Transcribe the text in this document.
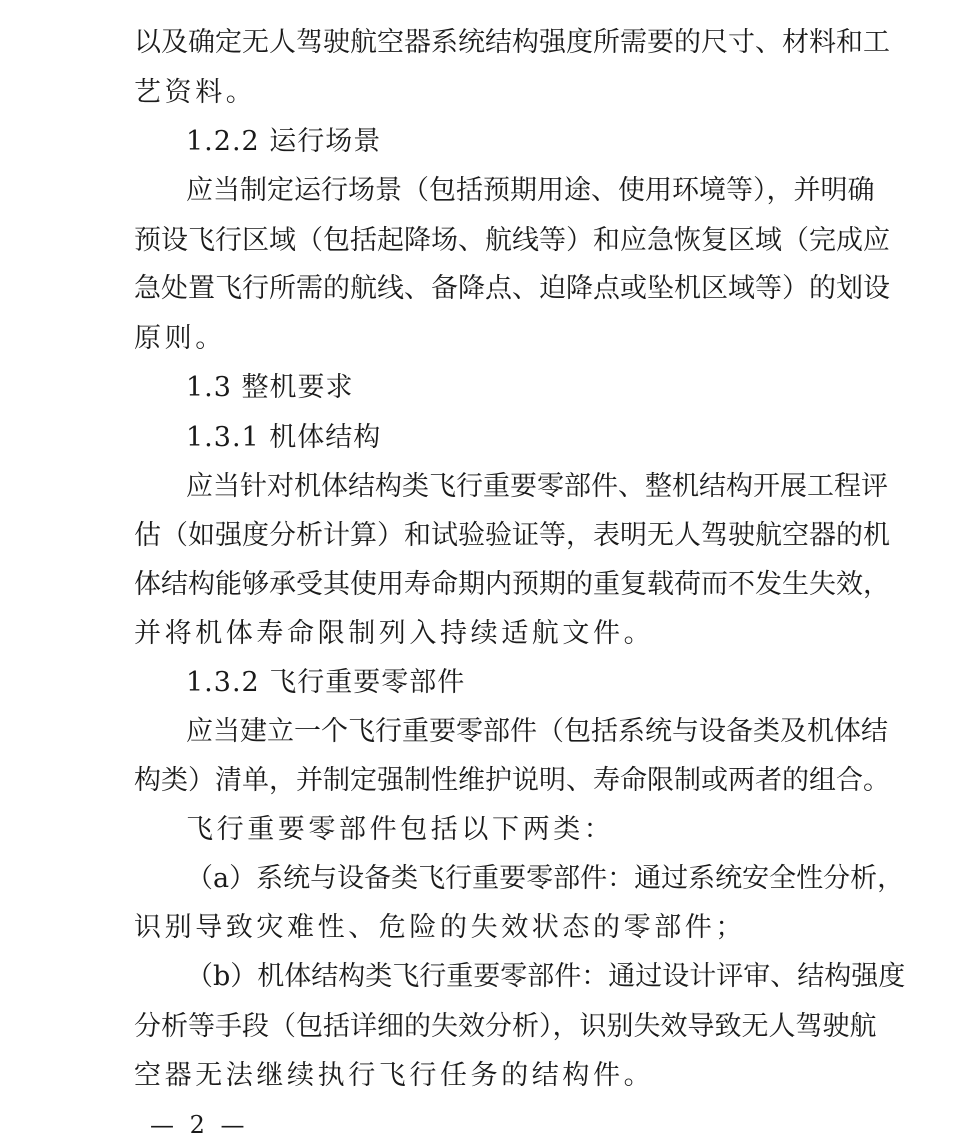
以及确定无人驾驶航空器系统结构强度所需要的尺寸、材料和工
艺资料。
1.2.2 运行场景
应当制定运行场景（包括预期用途、使用环境等），并明确
预设飞行区域（包括起降场、航线等）和应急恢复区域（完成应
急处置飞行所需的航线、备降点、迫降点或坠机区域等）的划设
原则。
1.3 整机要求
1.3.1 机体结构
应当针对机体结构类飞行重要零部件、整机结构开展工程评
估（如强度分析计算）和试验验证等，表明无人驾驶航空器的机
体结构能够承受其使用寿命期内预期的重复载荷而不发生失效，
并将机体寿命限制列入持续适航文件。
1.3.2 飞行重要零部件
应当建立一个飞行重要零部件（包括系统与设备类及机体结
构类）清单，并制定强制性维护说明、寿命限制或两者的组合。
飞行重要零部件包括以下两类：
（a）系统与设备类飞行重要零部件：通过系统安全性分析，
识别导致灾难性、危险的失效状态的零部件；
（b）机体结构类飞行重要零部件：通过设计评审、结构强度
分析等手段（包括详细的失效分析），识别失效导致无人驾驶航
空器无法继续执行飞行任务的结构件。
— 2 —
